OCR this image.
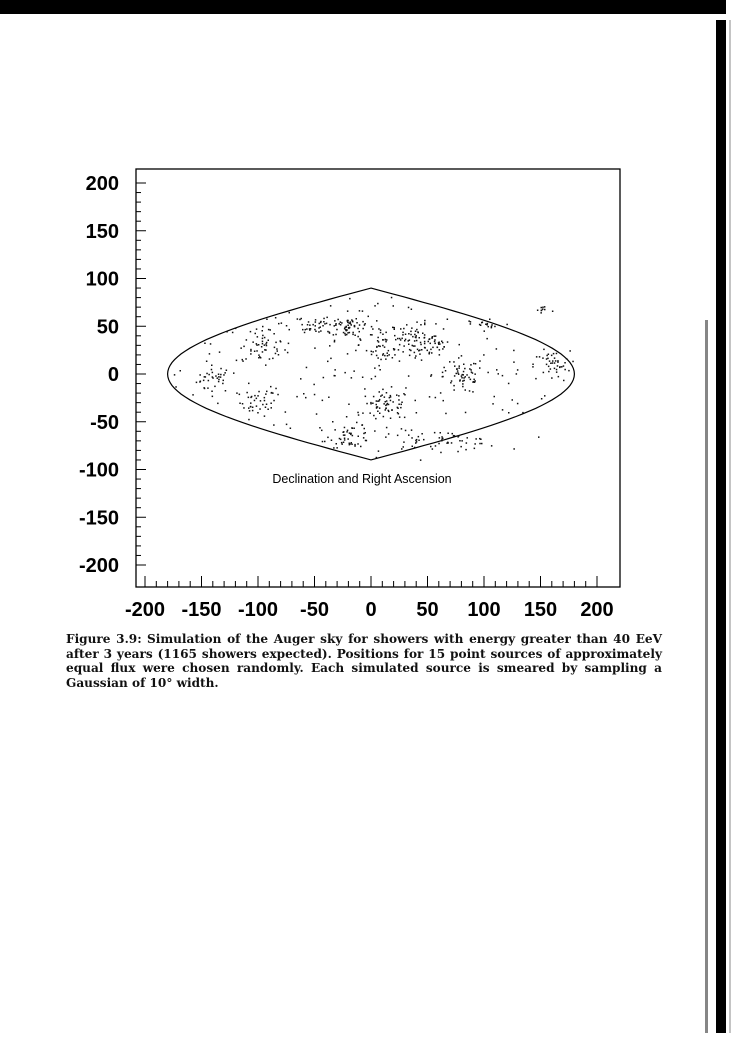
200
150
100
50
0
-50
-100
-150
-200
-200 -150 -100 -50 0 50 100 150 200
Declination and Right Ascension

Figure 3.9: Simulation of the Auger sky for showers with energy greater than 40 EeV after 3 years (1165 showers expected). Positions for 15 point sources of approximately equal flux were chosen randomly. Each simulated source is smeared by sampling a Gaussian of 10° width.
